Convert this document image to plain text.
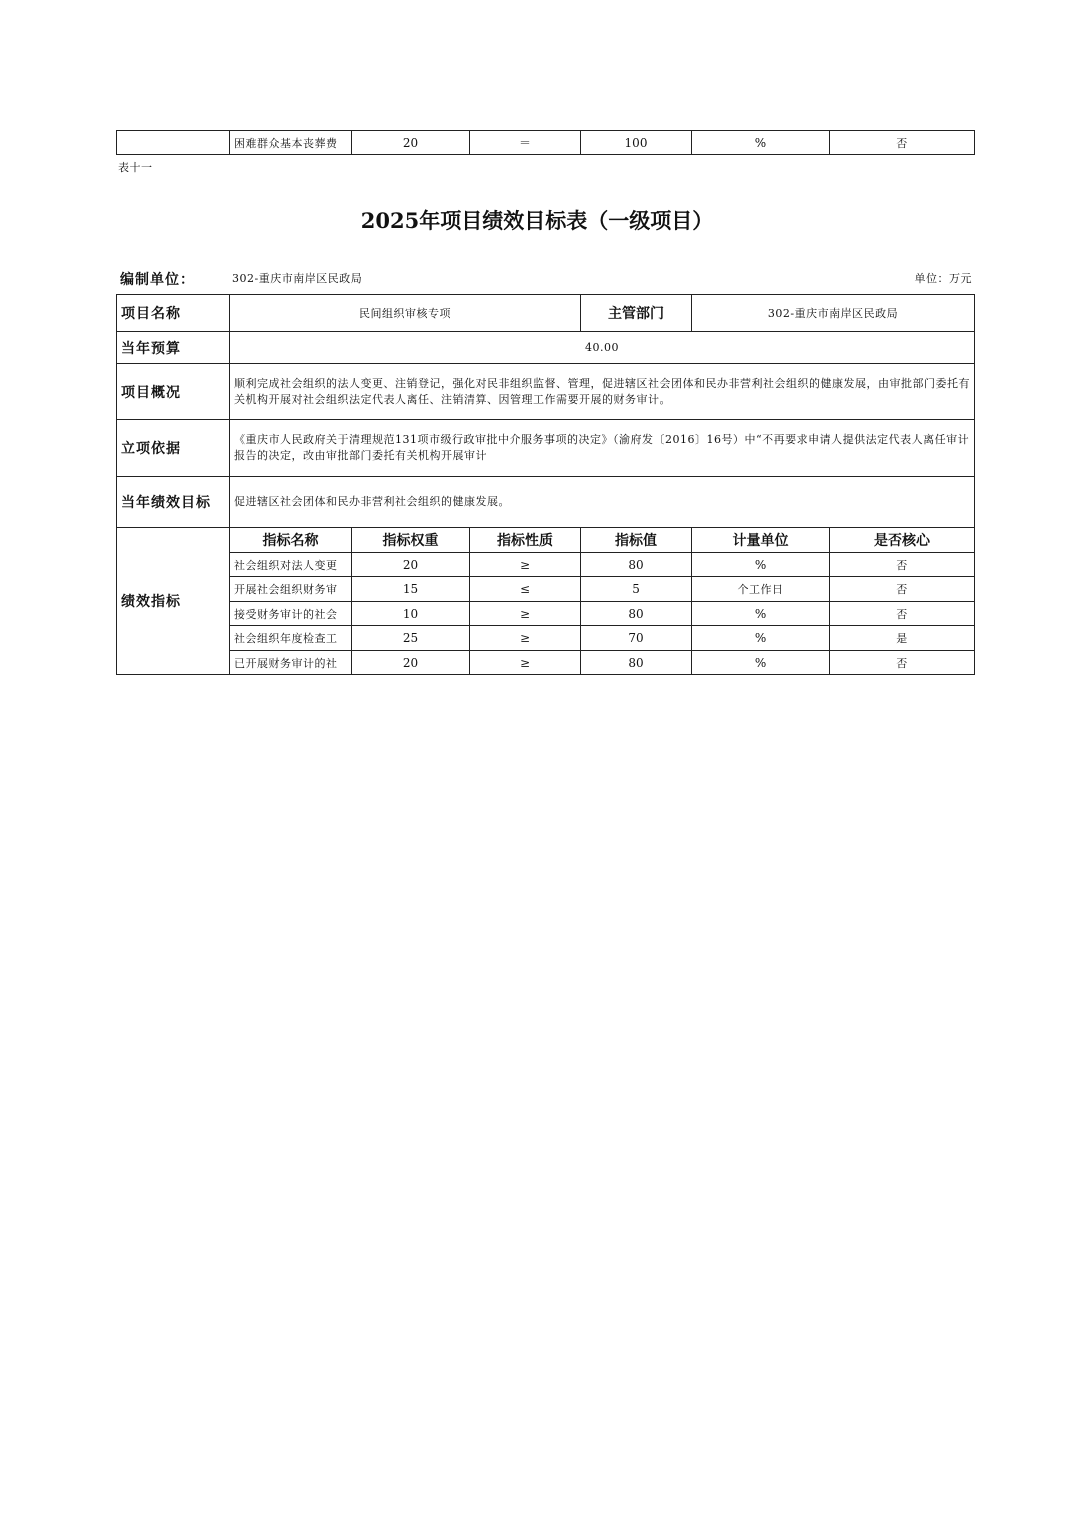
	困难群众基本丧葬费	20	＝	100	%	否
表十一
2025年项目绩效目标表（一级项目）
编制单位：	302-重庆市南岸区民政局	单位：万元
项目名称	民间组织审核专项			主管部门	302-重庆市南岸区民政局	
当年预算	40.00					
项目概况	顺利完成社会组织的法人变更、注销登记，强化对民非组织监督、管理，促进辖区社会团体和民办非营利社会组织的健康发展，由审批部门委托有关机构开展对社会组织法定代表人离任、注销清算、因管理工作需要开展的财务审计。					
立项依据	《重庆市人民政府关于清理规范131项市级行政审批中介服务事项的决定》（渝府发〔2016〕16号）中“不再要求申请人提供法定代表人离任审计报告的决定，改由审批部门委托有关机构开展审计					
当年绩效目标	促进辖区社会团体和民办非营利社会组织的健康发展。					
绩效指标	指标名称	指标权重	指标性质	指标值	计量单位	是否核心
	社会组织对法人变更	20	≥	80	%	否
	开展社会组织财务审	15	≤	5	个工作日	否
	接受财务审计的社会	10	≥	80	%	否
	社会组织年度检查工	25	≥	70	%	是
	已开展财务审计的社	20	≥	80	%	否
